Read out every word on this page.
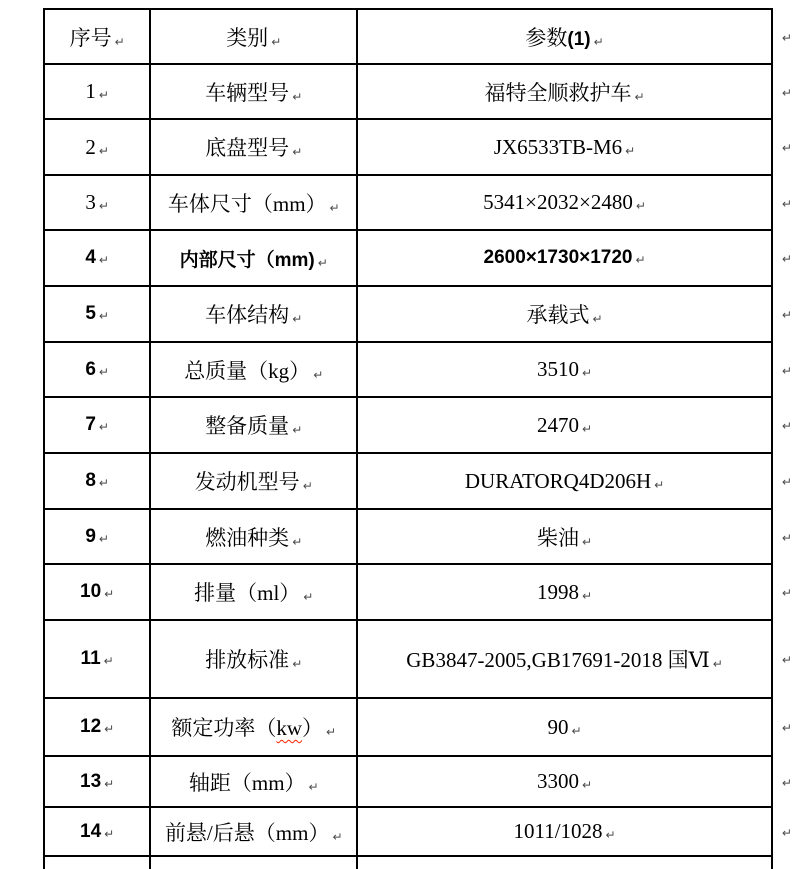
序号 ↵	类别 ↵	参数(1) ↵	↵
1 ↵	车辆型号 ↵	福特全顺救护车 ↵	↵
2 ↵	底盘型号 ↵	JX6533TB-M6 ↵	↵
3 ↵	车体尺寸（mm） ↵	5341×2032×2480 ↵	↵
4 ↵	内部尺寸（mm) ↵	2600×1730×1720 ↵	↵
5 ↵	车体结构 ↵	承载式 ↵	↵
6 ↵	总质量（kg） ↵	3510 ↵	↵
7 ↵	整备质量 ↵	2470 ↵	↵
8 ↵	发动机型号 ↵	DURATORQ4D206H ↵	↵
9 ↵	燃油种类 ↵	柴油 ↵	↵
10 ↵	排量（ml） ↵	1998 ↵	↵
11 ↵	排放标准 ↵	GB3847-2005,GB17691-2018 国Ⅵ ↵	↵
12 ↵	额定功率（kw） ↵	90 ↵	↵
13 ↵	轴距（mm） ↵	3300 ↵	↵
14 ↵	前悬/后悬（mm） ↵	1011/1028 ↵	↵
